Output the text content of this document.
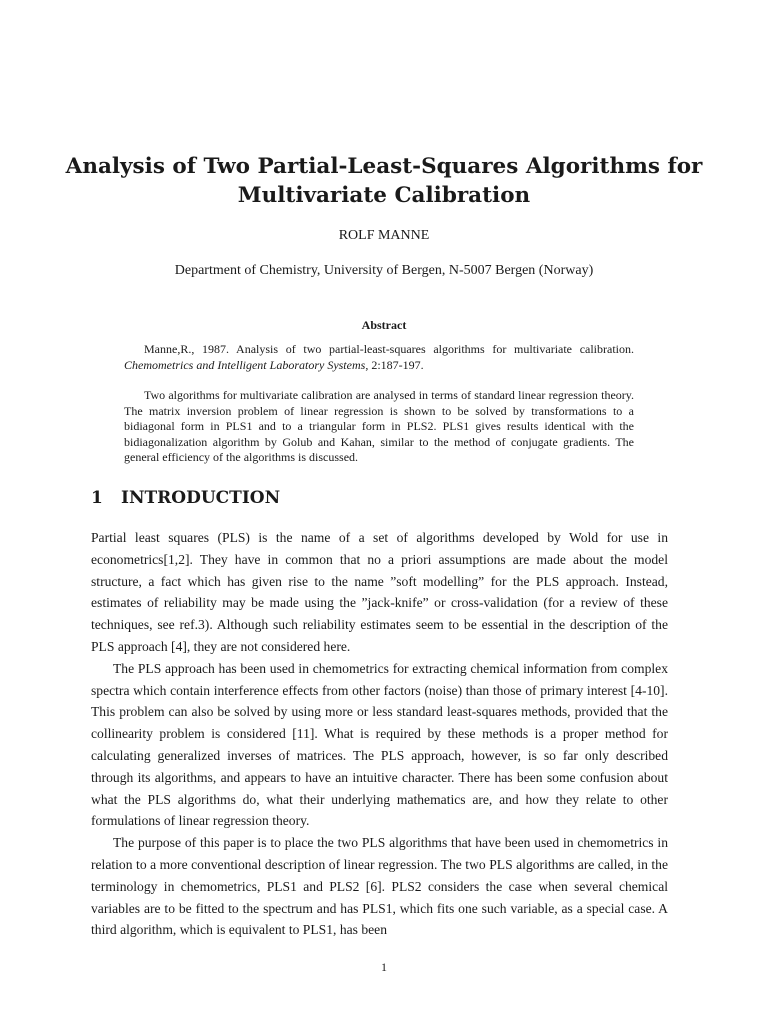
Analysis of Two Partial-Least-Squares Algorithms for Multivariate Calibration
ROLF MANNE
Department of Chemistry, University of Bergen, N-5007 Bergen (Norway)
Abstract

Manne,R., 1987. Analysis of two partial-least-squares algorithms for multivariate calibration. Chemometrics and Intelligent Laboratory Systems, 2:187-197.

Two algorithms for multivariate calibration are analysed in terms of standard linear regression theory. The matrix inversion problem of linear regression is shown to be solved by transformations to a bidiagonal form in PLS1 and to a triangular form in PLS2. PLS1 gives results identical with the bidiagonalization algorithm by Golub and Kahan, similar to the method of conjugate gradients. The general efficiency of the algorithms is discussed.

1 INTRODUCTION

Partial least squares (PLS) is the name of a set of algorithms developed by Wold for use in econometrics[1,2]. They have in common that no a priori assumptions are made about the model structure, a fact which has given rise to the name ”soft modelling” for the PLS approach. Instead, estimates of reliability may be made using the ”jack-knife” or cross-validation (for a review of these techniques, see ref.3). Although such reliability estimates seem to be essential in the description of the PLS approach [4], they are not considered here.

The PLS approach has been used in chemometrics for extracting chemical information from complex spectra which contain interference effects from other factors (noise) than those of primary interest [4-10]. This problem can also be solved by using more or less standard least-squares methods, provided that the collinearity problem is considered [11]. What is required by these methods is a proper method for calculating generalized inverses of matrices. The PLS approach, however, is so far only described through its algorithms, and appears to have an intuitive character. There has been some confusion about what the PLS algorithms do, what their underlying mathematics are, and how they relate to other formulations of linear regression theory.

The purpose of this paper is to place the two PLS algorithms that have been used in chemometrics in relation to a more conventional description of linear regression. The two PLS algorithms are called, in the terminology in chemometrics, PLS1 and PLS2 [6]. PLS2 considers the case when several chemical variables are to be fitted to the spectrum and has PLS1, which fits one such variable, as a special case. A third algorithm, which is equivalent to PLS1, has been

1
